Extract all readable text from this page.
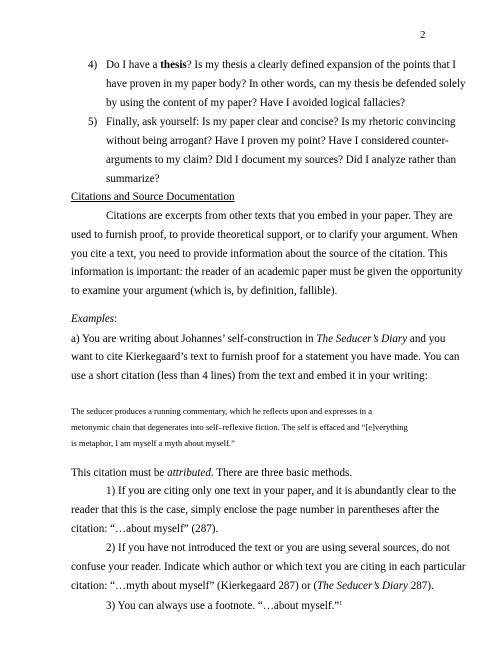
2
4) Do I have a thesis? Is my thesis a clearly defined expansion of the points that I
have proven in my paper body? In other words, can my thesis be defended solely
by using the content of my paper? Have I avoided logical fallacies?
5) Finally, ask yourself: Is my paper clear and concise? Is my rhetoric convincing
without being arrogant? Have I proven my point? Have I considered counter-
arguments to my claim? Did I document my sources? Did I analyze rather than
summarize?
Citations and Source Documentation
Citations are excerpts from other texts that you embed in your paper. They are
used to furnish proof, to provide theoretical support, or to clarify your argument. When
you cite a text, you need to provide information about the source of the citation. This
information is important: the reader of an academic paper must be given the opportunity
to examine your argument (which is, by definition, fallible).
Examples:
a) You are writing about Johannes’ self-construction in The Seducer’s Diary and you
want to cite Kierkegaard’s text to furnish proof for a statement you have made. You can
use a short citation (less than 4 lines) from the text and embed it in your writing:
The seducer produces a running commentary, which he reflects upon and expresses in a
metonymic chain that degenerates into self–reflexive fiction. The self is effaced and “[e]verything
is metaphor, I am myself a myth about myself.”
This citation must be attributed. There are three basic methods.
1) If you are citing only one text in your paper, and it is abundantly clear to the
reader that this is the case, simply enclose the page number in parentheses after the
citation: “…about myself” (287).
2) If you have not introduced the text or you are using several sources, do not
confuse your reader. Indicate which author or which text you are citing in each particular
citation: “…myth about myself” (Kierkegaard 287) or (The Seducer’s Diary 287).
3) You can always use a footnote. “…about myself.”$^1$
